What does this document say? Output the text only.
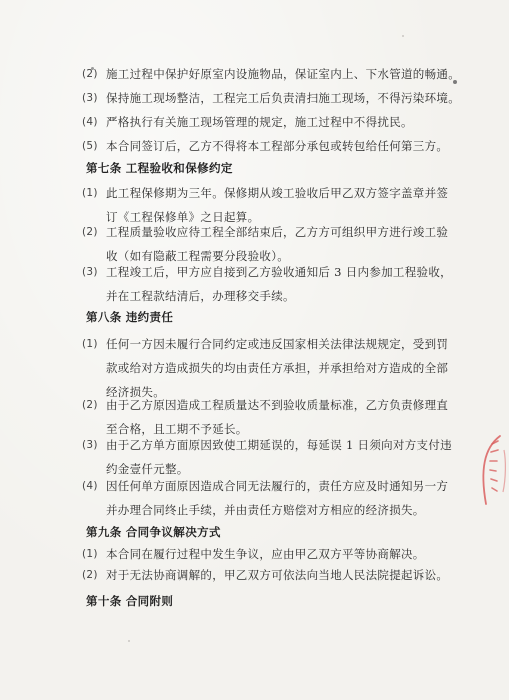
(2) 施工过程中保护好原室内设施物品，保证室内上、下水管道的畅通。
(3) 保持施工现场整洁，工程完工后负责清扫施工现场，不得污染环境。
(4) 严格执行有关施工现场管理的规定，施工过程中不得扰民。
(5) 本合同签订后，乙方不得将本工程部分承包或转包给任何第三方。
第七条 工程验收和保修约定
(1) 此工程保修期为三年。保修期从竣工验收后甲乙双方签字盖章并签
订《工程保修单》之日起算。
(2) 工程质量验收应待工程全部结束后，乙方方可组织甲方进行竣工验
收（如有隐蔽工程需要分段验收）。
(3) 工程竣工后，甲方应自接到乙方验收通知后 3 日内参加工程验收，
并在工程款结清后，办理移交手续。
第八条 违约责任
(1) 任何一方因未履行合同约定或违反国家相关法律法规规定，受到罚
款或给对方造成损失的均由责任方承担，并承担给对方造成的全部
经济损失。
(2) 由于乙方原因造成工程质量达不到验收质量标准，乙方负责修理直
至合格，且工期不予延长。
(3) 由于乙方单方面原因致使工期延误的，每延误 1 日须向对方支付违
约金壹仟元整。
(4) 因任何单方面原因造成合同无法履行的，责任方应及时通知另一方
并办理合同终止手续，并由责任方赔偿对方相应的经济损失。
第九条 合同争议解决方式
(1) 本合同在履行过程中发生争议，应由甲乙双方平等协商解决。
(2) 对于无法协商调解的，甲乙双方可依法向当地人民法院提起诉讼。
第十条 合同附则
